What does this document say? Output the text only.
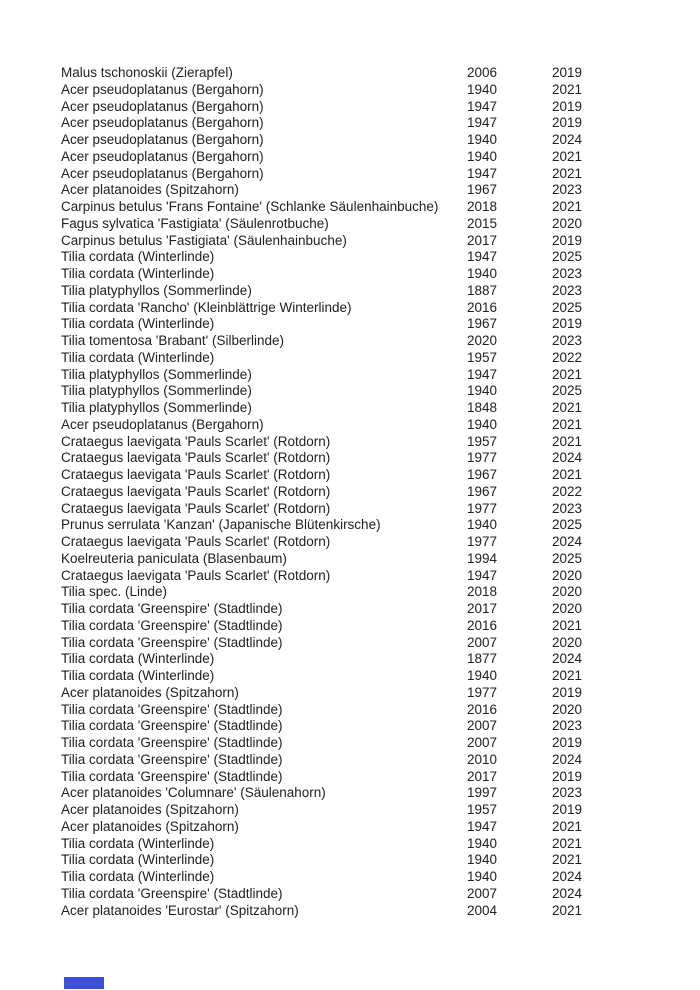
Malus tschonoskii (Zierapfel)	2006	2019
Acer pseudoplatanus (Bergahorn)	1940	2021
Acer pseudoplatanus (Bergahorn)	1947	2019
Acer pseudoplatanus (Bergahorn)	1947	2019
Acer pseudoplatanus (Bergahorn)	1940	2024
Acer pseudoplatanus (Bergahorn)	1940	2021
Acer pseudoplatanus (Bergahorn)	1947	2021
Acer platanoides (Spitzahorn)	1967	2023
Carpinus betulus 'Frans Fontaine' (Schlanke Säulenhainbuche)	2018	2021
Fagus sylvatica 'Fastigiata' (Säulenrotbuche)	2015	2020
Carpinus betulus 'Fastigiata' (Säulenhainbuche)	2017	2019
Tilia cordata (Winterlinde)	1947	2025
Tilia cordata (Winterlinde)	1940	2023
Tilia platyphyllos (Sommerlinde)	1887	2023
Tilia cordata 'Rancho' (Kleinblättrige Winterlinde)	2016	2025
Tilia cordata (Winterlinde)	1967	2019
Tilia tomentosa 'Brabant' (Silberlinde)	2020	2023
Tilia cordata (Winterlinde)	1957	2022
Tilia platyphyllos (Sommerlinde)	1947	2021
Tilia platyphyllos (Sommerlinde)	1940	2025
Tilia platyphyllos (Sommerlinde)	1848	2021
Acer pseudoplatanus (Bergahorn)	1940	2021
Crataegus laevigata 'Pauls Scarlet' (Rotdorn)	1957	2021
Crataegus laevigata 'Pauls Scarlet' (Rotdorn)	1977	2024
Crataegus laevigata 'Pauls Scarlet' (Rotdorn)	1967	2021
Crataegus laevigata 'Pauls Scarlet' (Rotdorn)	1967	2022
Crataegus laevigata 'Pauls Scarlet' (Rotdorn)	1977	2023
Prunus serrulata 'Kanzan' (Japanische Blütenkirsche)	1940	2025
Crataegus laevigata 'Pauls Scarlet' (Rotdorn)	1977	2024
Koelreuteria paniculata (Blasenbaum)	1994	2025
Crataegus laevigata 'Pauls Scarlet' (Rotdorn)	1947	2020
Tilia spec. (Linde)	2018	2020
Tilia cordata 'Greenspire' (Stadtlinde)	2017	2020
Tilia cordata 'Greenspire' (Stadtlinde)	2016	2021
Tilia cordata 'Greenspire' (Stadtlinde)	2007	2020
Tilia cordata (Winterlinde)	1877	2024
Tilia cordata (Winterlinde)	1940	2021
Acer platanoides (Spitzahorn)	1977	2019
Tilia cordata 'Greenspire' (Stadtlinde)	2016	2020
Tilia cordata 'Greenspire' (Stadtlinde)	2007	2023
Tilia cordata 'Greenspire' (Stadtlinde)	2007	2019
Tilia cordata 'Greenspire' (Stadtlinde)	2010	2024
Tilia cordata 'Greenspire' (Stadtlinde)	2017	2019
Acer platanoides 'Columnare' (Säulenahorn)	1997	2023
Acer platanoides (Spitzahorn)	1957	2019
Acer platanoides (Spitzahorn)	1947	2021
Tilia cordata (Winterlinde)	1940	2021
Tilia cordata (Winterlinde)	1940	2021
Tilia cordata (Winterlinde)	1940	2024
Tilia cordata 'Greenspire' (Stadtlinde)	2007	2024
Acer platanoides 'Eurostar' (Spitzahorn)	2004	2021
